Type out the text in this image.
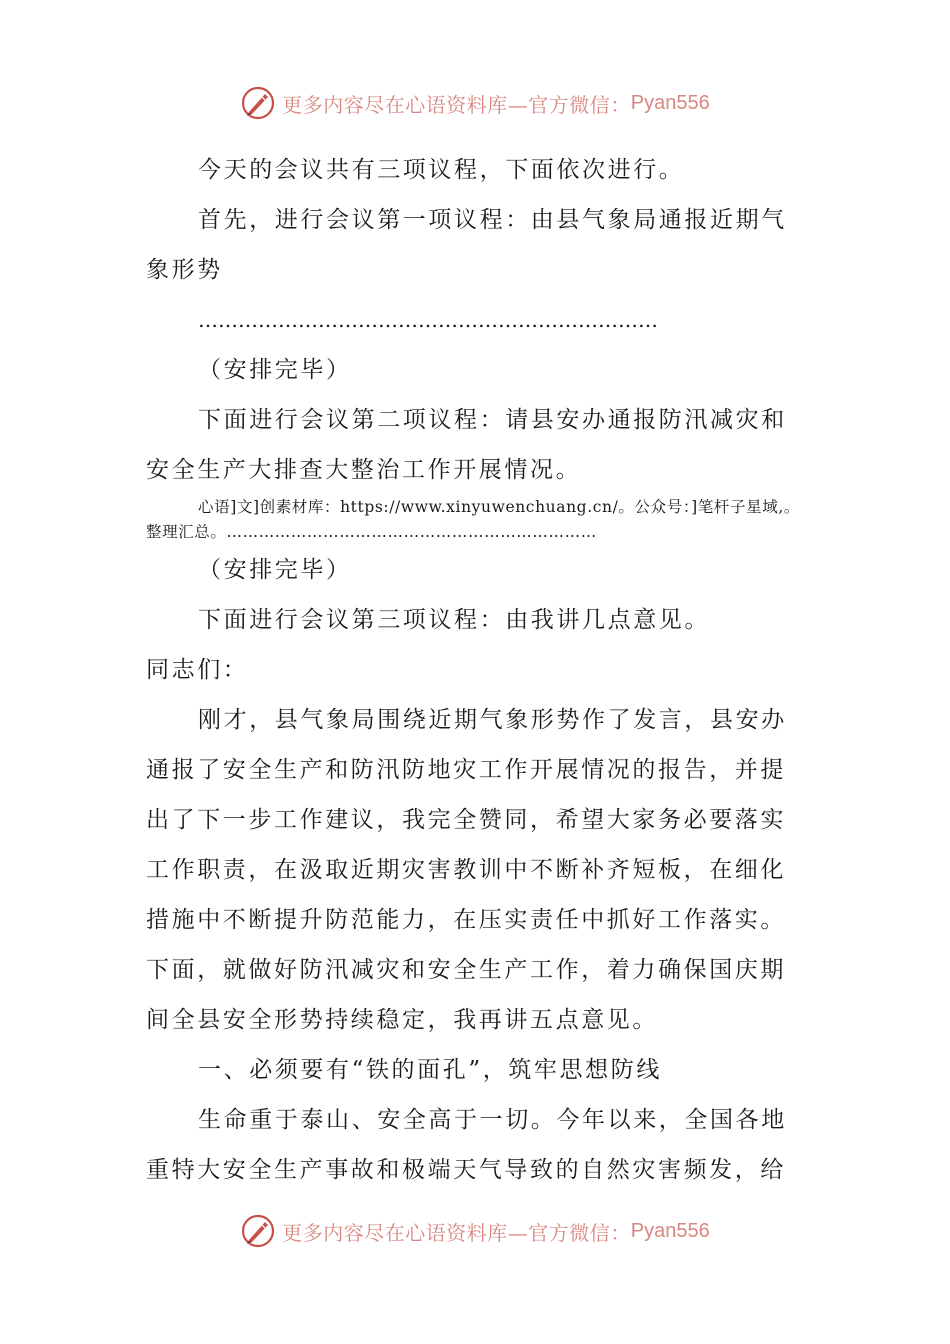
更多内容尽在心语资料库—官方微信： Pyan556
今天的会议共有三项议程，下面依次进行。
首先，进行会议第一项议程：由县气象局通报近期气
象形势
……………………………………………………………
（安排完毕）
下面进行会议第二项议程：请县安办通报防汛减灾和
安全生产大排查大整治工作开展情况。
心语]文]创素材库：https://www.xinyuwenchuang.cn/。公众号：]笔杆子星域,。整理汇总。……………………………………………………………
（安排完毕）
下面进行会议第三项议程：由我讲几点意见。
同志们：
刚才，县气象局围绕近期气象形势作了发言，县安办
通报了安全生产和防汛防地灾工作开展情况的报告，并提
出了下一步工作建议，我完全赞同，希望大家务必要落实
工作职责，在汲取近期灾害教训中不断补齐短板，在细化
措施中不断提升防范能力，在压实责任中抓好工作落实。
下面，就做好防汛减灾和安全生产工作，着力确保国庆期
间全县安全形势持续稳定，我再讲五点意见。
一、必须要有“铁的面孔”，筑牢思想防线
生命重于泰山、安全高于一切。今年以来，全国各地
重特大安全生产事故和极端天气导致的自然灾害频发，给
更多内容尽在心语资料库—官方微信： Pyan556
